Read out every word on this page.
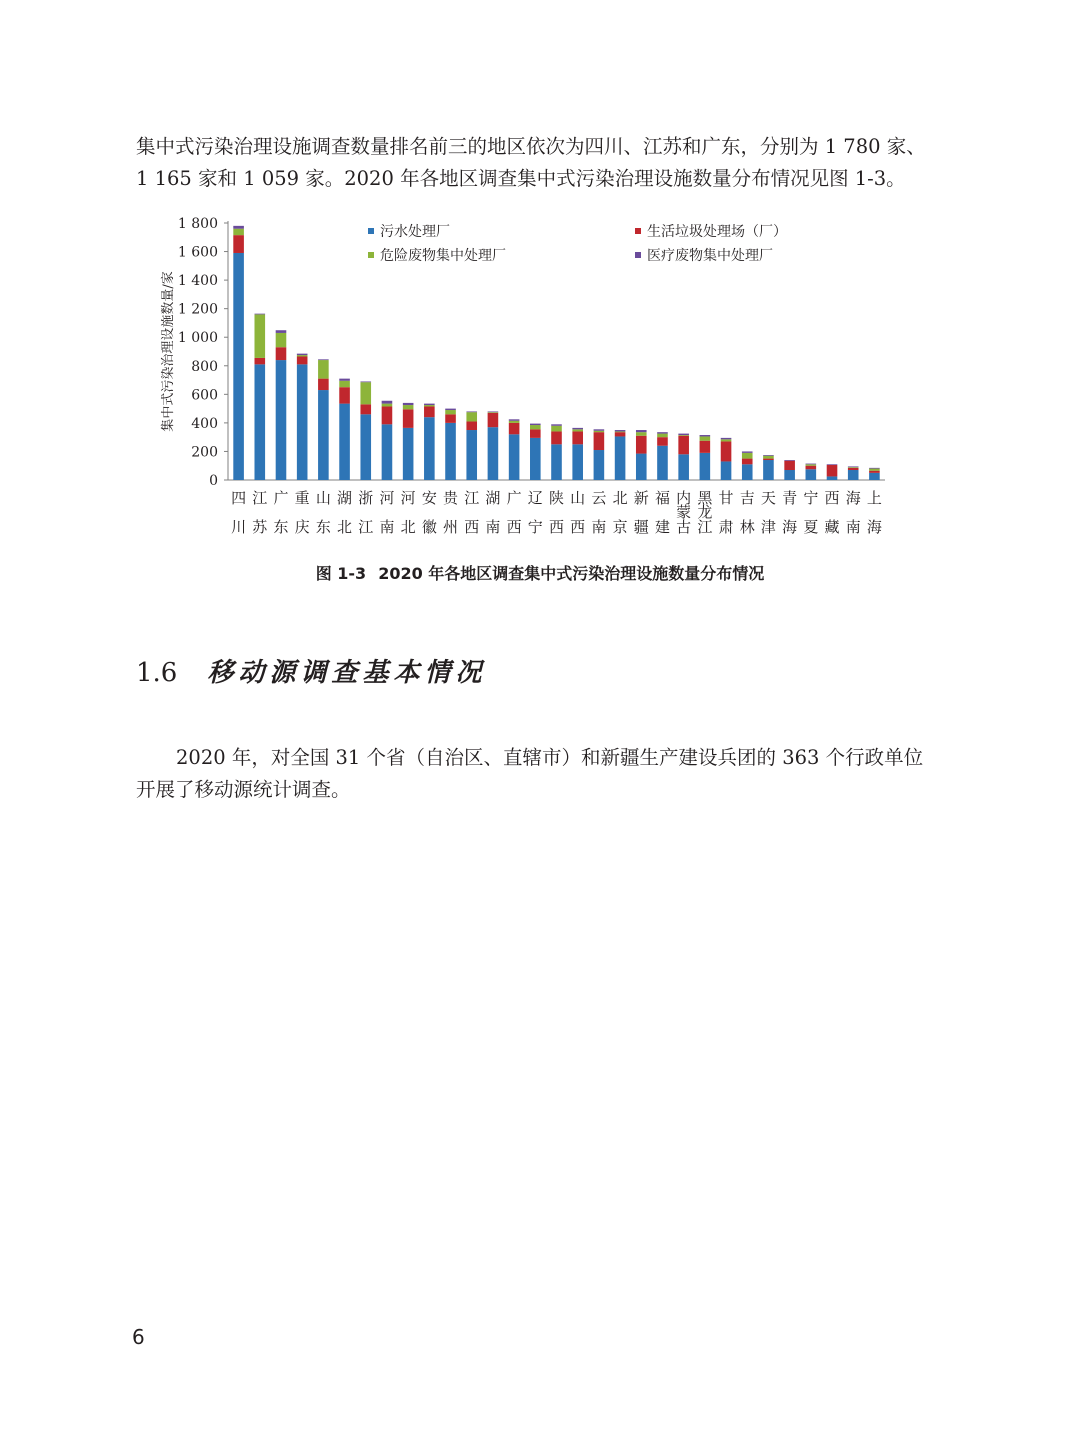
集中式污染治理设施调查数量排名前三的地区依次为四川、江苏和广东，分别为 1 780 家、
1 165 家和 1 059 家。2020 年各地区调查集中式污染治理设施数量分布情况见图 1-3。

0
200
400
600
800
1 000
1 200
1 400
1 600
1 800
集中式污染治理设施数量/家
四
川
江
苏
广
东
重
庆
山
东
湖
北
浙
江
河
南
河
北
安
徽
贵
州
江
西
湖
南
广
西
辽
宁
陕
西
山
西
云
南
北
京
新
疆
福
建
内
蒙
古
黑
龙
江
甘
肃
吉
林
天
津
青
海
宁
夏
西
藏
海
南
上
海
污水处理厂	生活垃圾处理场（厂）
危险废物集中处理厂	医疗废物集中处理厂
图 1-3 2020 年各地区调查集中式污染治理设施数量分布情况
1.6 移动源调查基本情况

2020 年，对全国 31 个省（自治区、直辖市）和新疆生产建设兵团的 363 个行政单位
开展了移动源统计调查。

6
